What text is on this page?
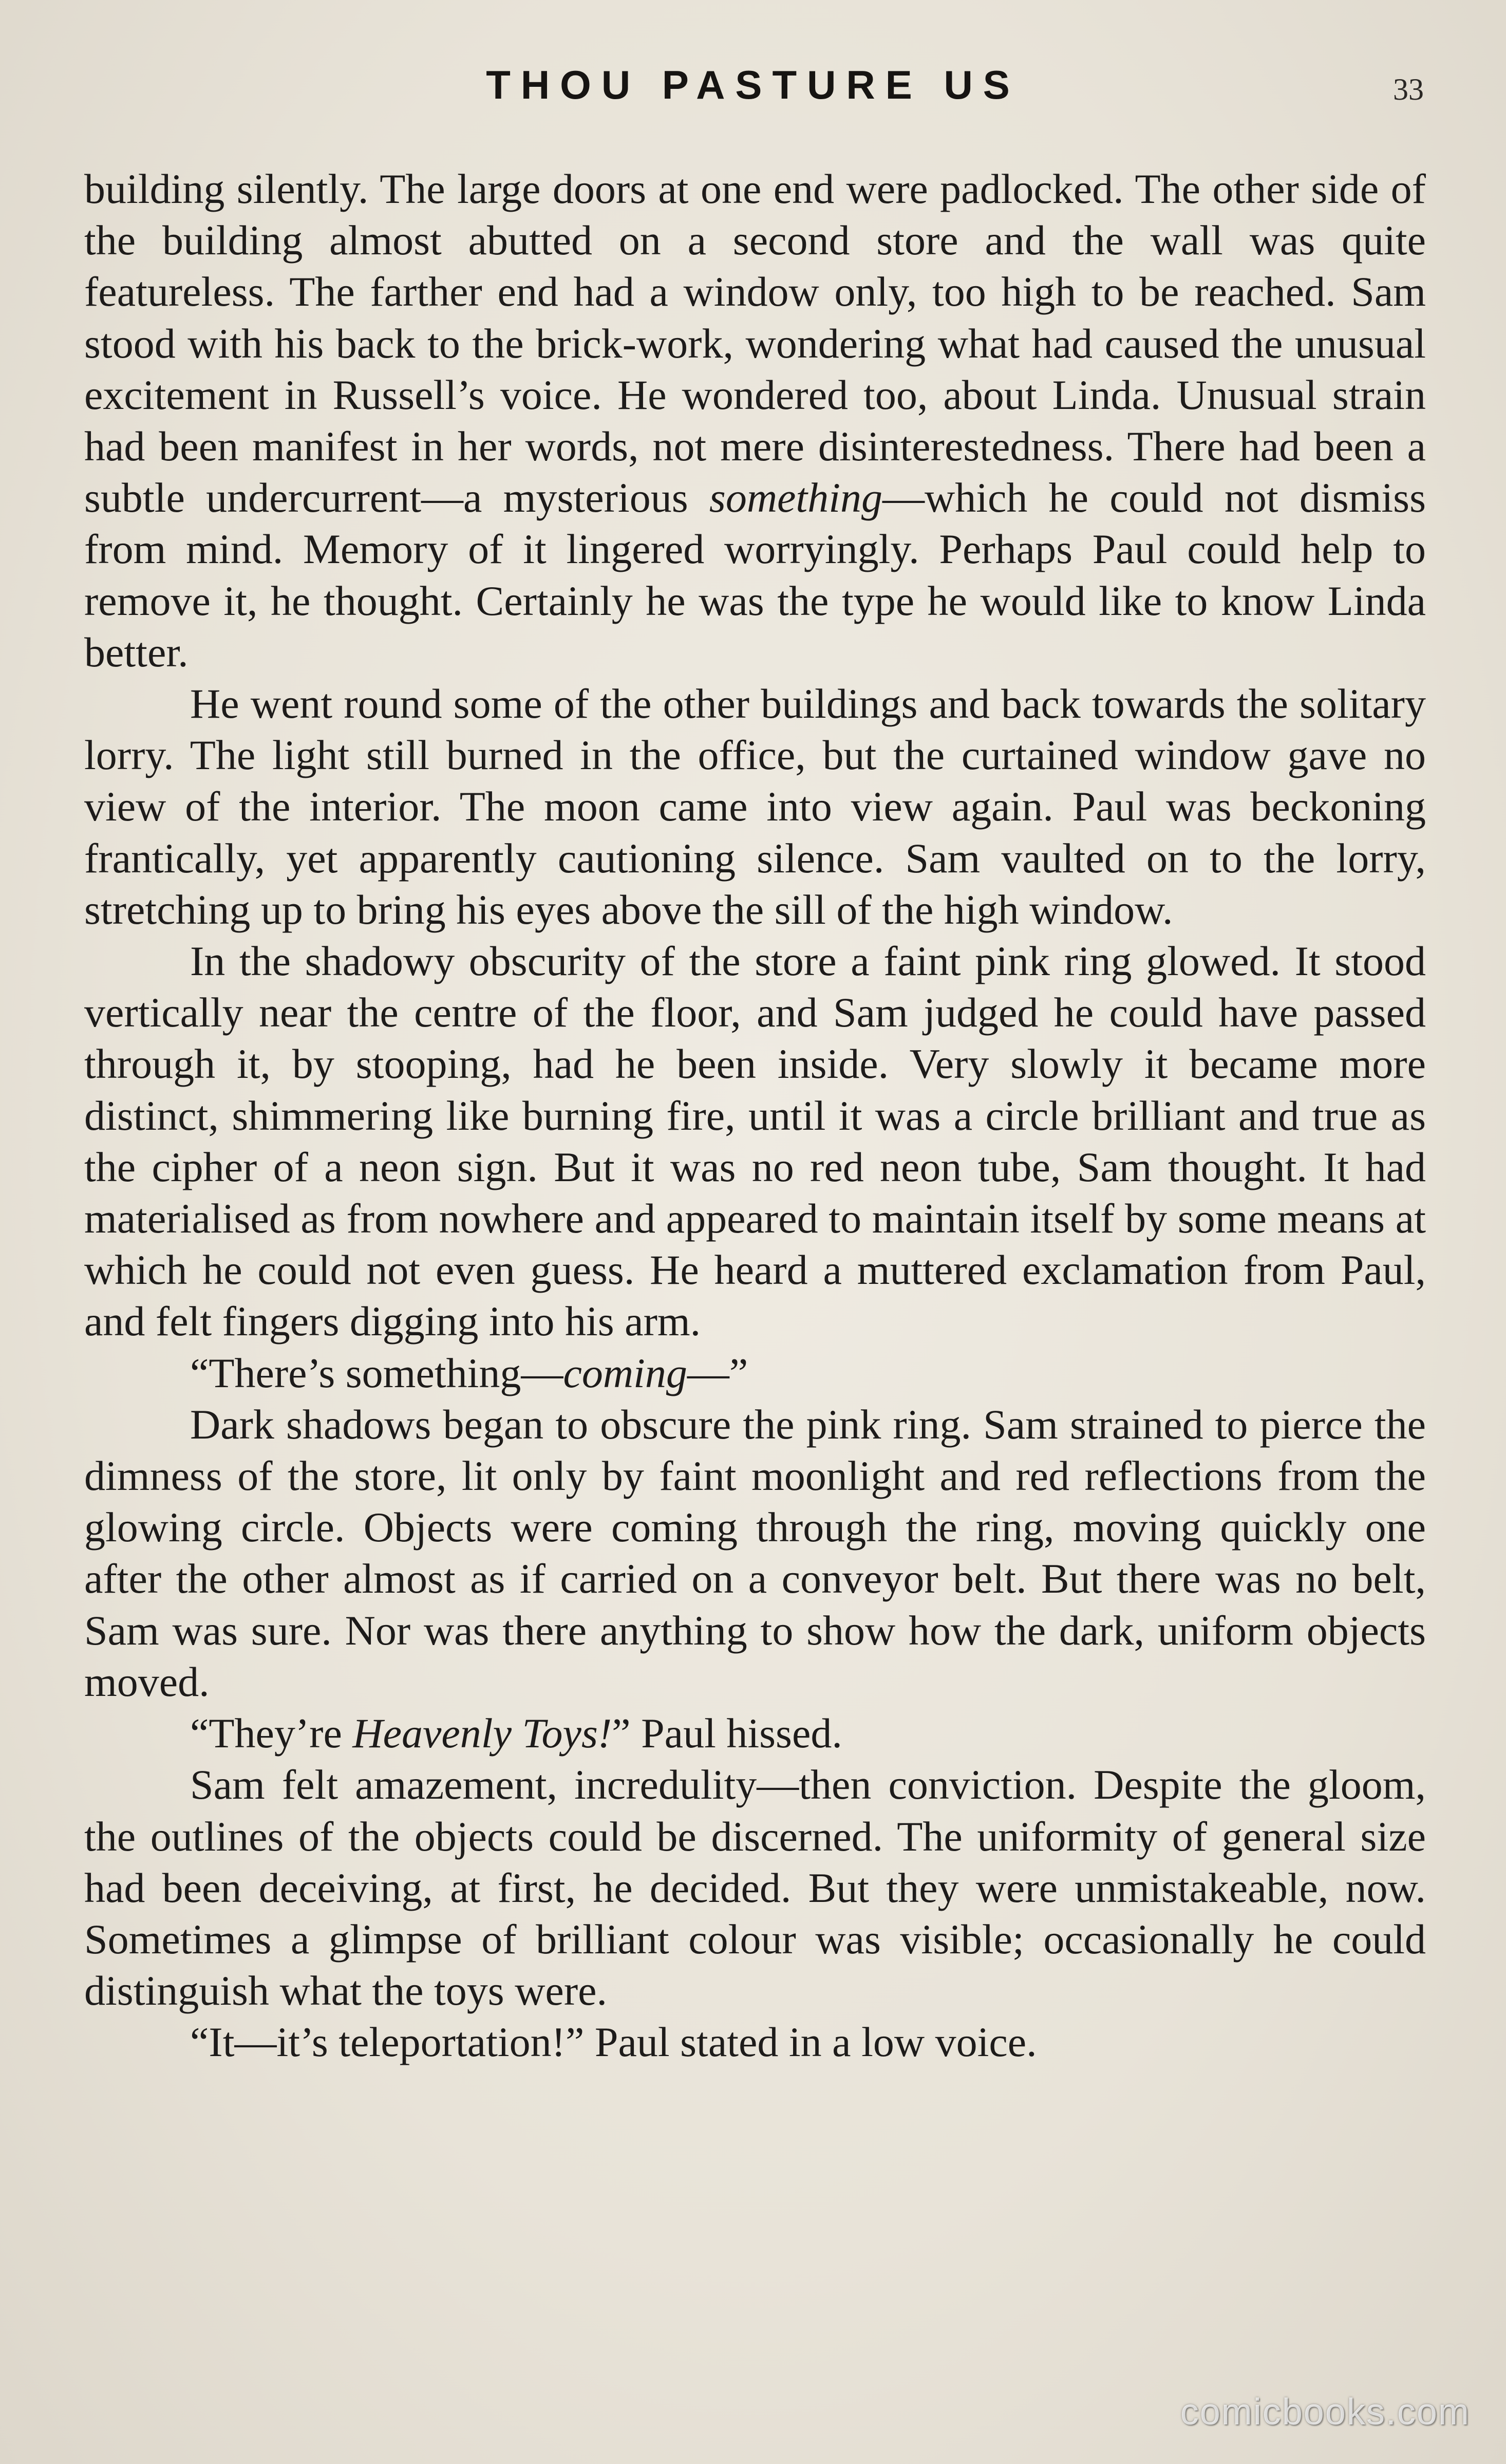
THOU PASTURE US	33

building silently. The large doors at one end were padlocked. The other side of the building almost abutted on a second store and the wall was quite featureless. The farther end had a window only, too high to be reached. Sam stood with his back to the brick-work, wondering what had caused the unusual excitement in Russell’s voice. He wondered too, about Linda. Unusual strain had been manifest in her words, not mere disinterestedness. There had been a subtle undercurrent—a mysterious something—which he could not dismiss from mind. Memory of it lingered worryingly. Perhaps Paul could help to remove it, he thought. Certainly he was the type he would like to know Linda better.

He went round some of the other buildings and back towards the solitary lorry. The light still burned in the office, but the curtained window gave no view of the interior. The moon came into view again. Paul was beckoning frantically, yet apparently cautioning silence. Sam vaulted on to the lorry, stretching up to bring his eyes above the sill of the high window.

In the shadowy obscurity of the store a faint pink ring glowed. It stood vertically near the centre of the floor, and Sam judged he could have passed through it, by stooping, had he been inside. Very slowly it became more distinct, shimmering like burning fire, until it was a circle brilliant and true as the cipher of a neon sign. But it was no red neon tube, Sam thought. It had materialised as from nowhere and appeared to maintain itself by some means at which he could not even guess. He heard a muttered exclamation from Paul, and felt fingers digging into his arm.

“There’s something—coming—”

Dark shadows began to obscure the pink ring. Sam strained to pierce the dimness of the store, lit only by faint moonlight and red reflections from the glowing circle. Objects were coming through the ring, moving quickly one after the other almost as if carried on a conveyor belt. But there was no belt, Sam was sure. Nor was there anything to show how the dark, uniform objects moved.

“They’re Heavenly Toys!” Paul hissed.

Sam felt amazement, incredulity—then conviction. Despite the gloom, the outlines of the objects could be discerned. The uniformity of general size had been deceiving, at first, he decided. But they were unmistakeable, now. Sometimes a glimpse of brilliant colour was visible; occasionally he could distinguish what the toys were.

“It—it’s teleportation!” Paul stated in a low voice.

comicbooks.com
